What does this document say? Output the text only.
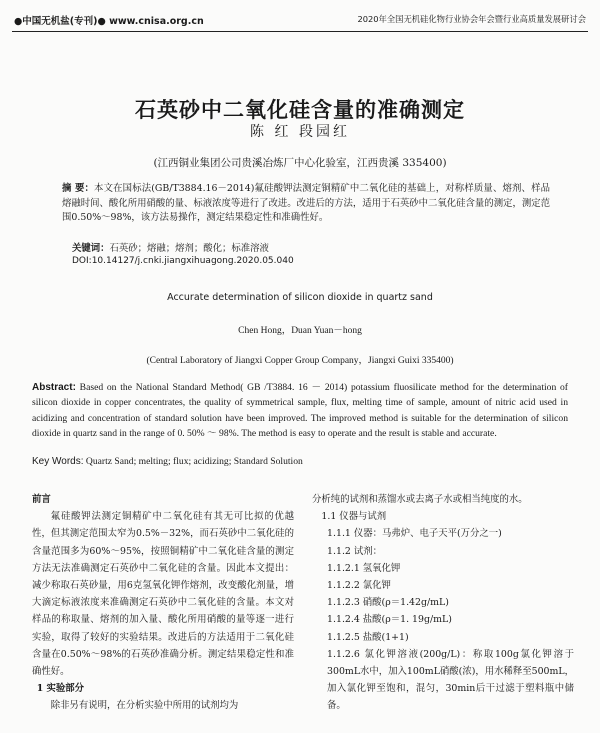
●中国无机盐(专刊)● www.cnisa.org.cn	2020年全国无机硅化物行业协会年会暨行业高质量发展研讨会
石英砂中二氧化硅含量的准确测定
陈 红 段园红
(江西铜业集团公司贵溪冶炼厂中心化验室，江西贵溪 335400)

摘 要：本文在国标法(GB/T3884.16－2014)氟硅酸钾法测定铜精矿中二氧化硅的基础上，对称样质量、熔剂、样品熔融时间、酸化所用硝酸的量、标液浓度等进行了改进。改进后的方法，适用于石英砂中二氧化硅含量的测定，测定范围0.50%～98%，该方法易操作，测定结果稳定性和准确性好。

关键词：石英砂；熔融；熔剂；酸化；标准溶液
DOI:10.14127/j.cnki.jiangxihuagong.2020.05.040
Accurate determination of silicon dioxide in quartz sand
Chen Hong，Duan Yuan－hong
(Central Laboratory of Jiangxi Copper Group Company，Jiangxi Guixi 335400)

Abstract: Based on the National Standard Method( GB /T3884. 16 － 2014) potassium fluosilicate method for the determination of silicon dioxide in copper concentrates, the quality of symmetrical sample, flux, melting time of sample, amount of nitric acid used in acidizing and concentration of standard solution have been improved. The improved method is suitable for the determination of silicon dioxide in quartz sand in the range of 0. 50% ～ 98%. The method is easy to operate and the result is stable and accurate.

Key Words: Quartz Sand; melting; flux; acidizing; Standard Solution

前言

氟硅酸钾法测定铜精矿中二氧化硅有其无可比拟的优越性，但其测定范围太窄为0.5%－32%，而石英砂中二氧化硅的含量范围多为60%～95%，按照铜精矿中二氧化硅含量的测定方法无法准确测定石英砂中二氧化硅的含量。因此本文提出：减少称取石英砂量，用6克氢氧化钾作熔剂，改变酸化剂量，增大滴定标液浓度来准确测定石英砂中二氧化硅的含量。本文对样品的称取量、熔剂的加入量、酸化所用硝酸的量等逐一进行实验，取得了较好的实验结果。改进后的方法适用于二氧化硅含量在0.50%～98%的石英砂准确分析。测定结果稳定性和准确性好。

1 实验部分

除非另有说明，在分析实验中所用的试剂均为

分析纯的试剂和蒸馏水或去离子水或相当纯度的水。

1.1 仪器与试剂

1.1.1 仪器：马弗炉、电子天平(万分之一)

1.1.2 试剂：

1.1.2.1 氢氧化钾

1.1.2.2 氯化钾

1.1.2.3 硝酸(ρ＝1.42g/mL)

1.1.2.4 盐酸(ρ＝1. 19g/mL)

1.1.2.5 盐酸(1+1)

1.1.2.6 氯化钾溶液(200g/L)：称取100g氯化钾溶于300mL水中，加入100mL硝酸(浓)，用水稀释至500mL，加入氯化钾至饱和，混匀，30min后干过滤于塑料瓶中储备。
